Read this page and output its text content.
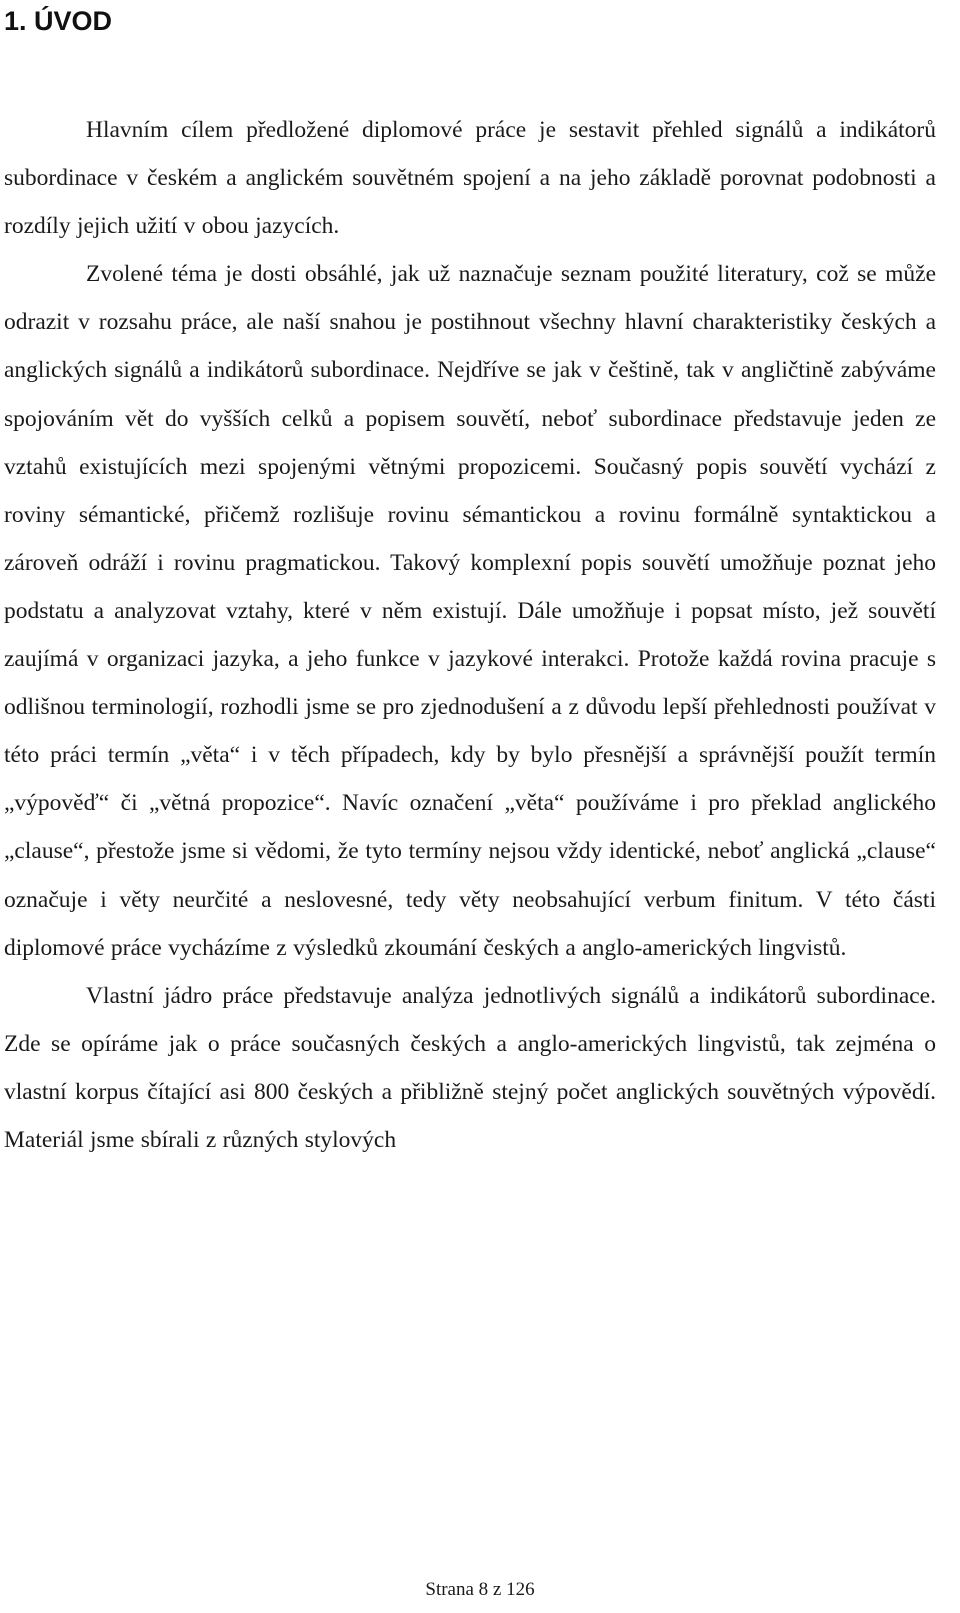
1. ÚVOD

Hlavním cílem předložené diplomové práce je sestavit přehled signálů a indikátorů subordinace v českém a anglickém souvětném spojení a na jeho základě porovnat podobnosti a rozdíly jejich užití v obou jazycích.

Zvolené téma je dosti obsáhlé, jak už naznačuje seznam použité literatury, což se může odrazit v rozsahu práce, ale naší snahou je postihnout všechny hlavní charakteristiky českých a anglických signálů a indikátorů subordinace. Nejdříve se jak v češtině, tak v angličtině zabýváme spojováním vět do vyšších celků a popisem souvětí, neboť subordinace představuje jeden ze vztahů existujících mezi spojenými větnými propozicemi. Současný popis souvětí vychází z roviny sémantické, přičemž rozlišuje rovinu sémantickou a rovinu formálně syntaktickou a zároveň odráží i rovinu pragmatickou. Takový komplexní popis souvětí umožňuje poznat jeho podstatu a analyzovat vztahy, které v něm existují. Dále umožňuje i popsat místo, jež souvětí zaujímá v organizaci jazyka, a jeho funkce v jazykové interakci. Protože každá rovina pracuje s odlišnou terminologií, rozhodli jsme se pro zjednodušení a z důvodu lepší přehlednosti používat v této práci termín „věta“ i v těch případech, kdy by bylo přesnější a správnější použít termín „výpověď“ či „větná propozice“. Navíc označení „věta“ používáme i pro překlad anglického „clause“, přestože jsme si vědomi, že tyto termíny nejsou vždy identické, neboť anglická „clause“ označuje i věty neurčité a neslovesné, tedy věty neobsahující verbum finitum. V této části diplomové práce vycházíme z výsledků zkoumání českých a anglo-amerických lingvistů.

Vlastní jádro práce představuje analýza jednotlivých signálů a indikátorů subordinace. Zde se opíráme jak o práce současných českých a anglo-amerických lingvistů, tak zejména o vlastní korpus čítající asi 800 českých a přibližně stejný počet anglických souvětných výpovědí. Materiál jsme sbírali z různých stylových

Strana 8 z 126
